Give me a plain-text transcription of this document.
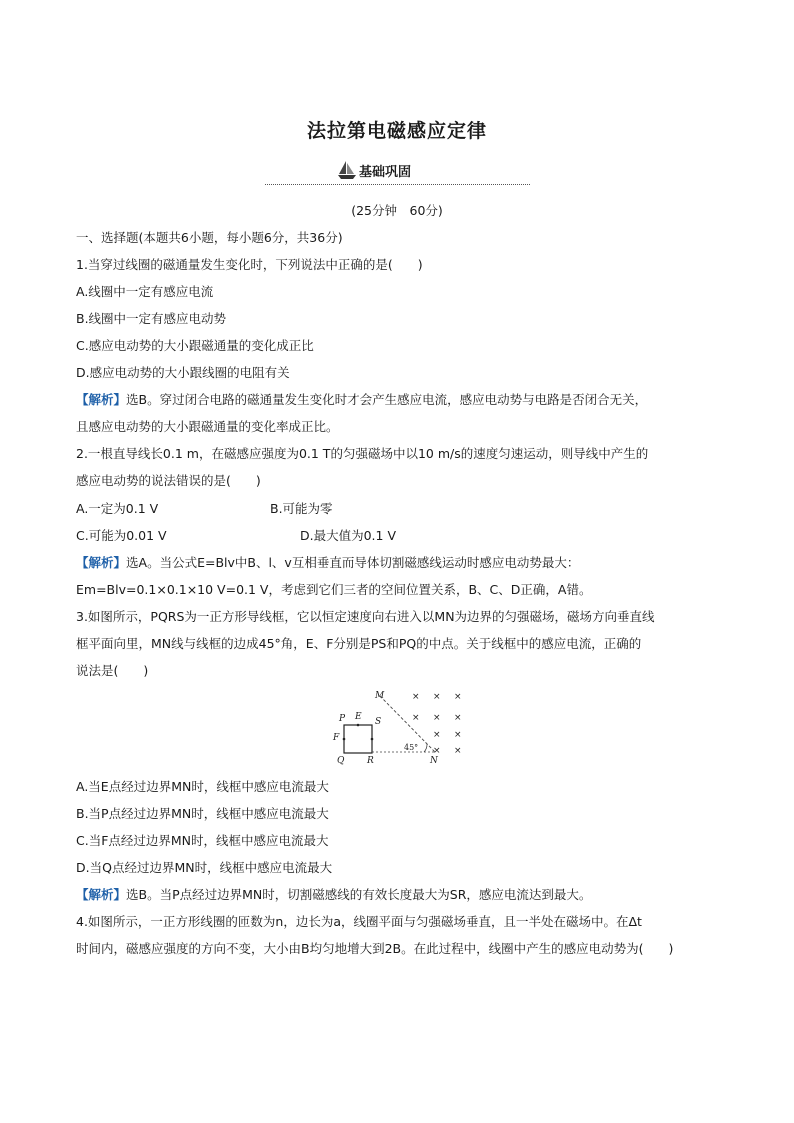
法拉第电磁感应定律
基础巩固
(25分钟　60分)
一、选择题(本题共6小题，每小题6分，共36分)
1.当穿过线圈的磁通量发生变化时，下列说法中正确的是(　　)
A.线圈中一定有感应电流
B.线圈中一定有感应电动势
C.感应电动势的大小跟磁通量的变化成正比
D.感应电动势的大小跟线圈的电阻有关
【解析】选B。穿过闭合电路的磁通量发生变化时才会产生感应电流，感应电动势与电路是否闭合无关，
且感应电动势的大小跟磁通量的变化率成正比。
2.一根直导线长0.1 m，在磁感应强度为0.1 T的匀强磁场中以10 m/s的速度匀速运动，则导线中产生的
感应电动势的说法错误的是(　　)
A.一定为0.1 V	B.可能为零
C.可能为0.01 V	D.最大值为0.1 V
【解析】选A。当公式E=Blv中B、l、v互相垂直而导体切割磁感线运动时感应电动势最大：
Em=Blv=0.1×0.1×10 V=0.1 V，考虑到它们三者的空间位置关系，B、C、D正确，A错。
3.如图所示，PQRS为一正方形导线框，它以恒定速度向右进入以MN为边界的匀强磁场，磁场方向垂直线
框平面向里，MN线与线框的边成45°角，E、F分别是PS和PQ的中点。关于线框中的感应电流，正确的
说法是(　　)
M
P E S
F
Q	R	N
45°
× × ×
× × ×
× ×
× ×
A.当E点经过边界MN时，线框中感应电流最大
B.当P点经过边界MN时，线框中感应电流最大
C.当F点经过边界MN时，线框中感应电流最大
D.当Q点经过边界MN时，线框中感应电流最大
【解析】选B。当P点经过边界MN时，切割磁感线的有效长度最大为SR，感应电流达到最大。
4.如图所示，一正方形线圈的匝数为n，边长为a，线圈平面与匀强磁场垂直，且一半处在磁场中。在Δt
时间内，磁感应强度的方向不变，大小由B均匀地增大到2B。在此过程中，线圈中产生的感应电动势为(　　)
